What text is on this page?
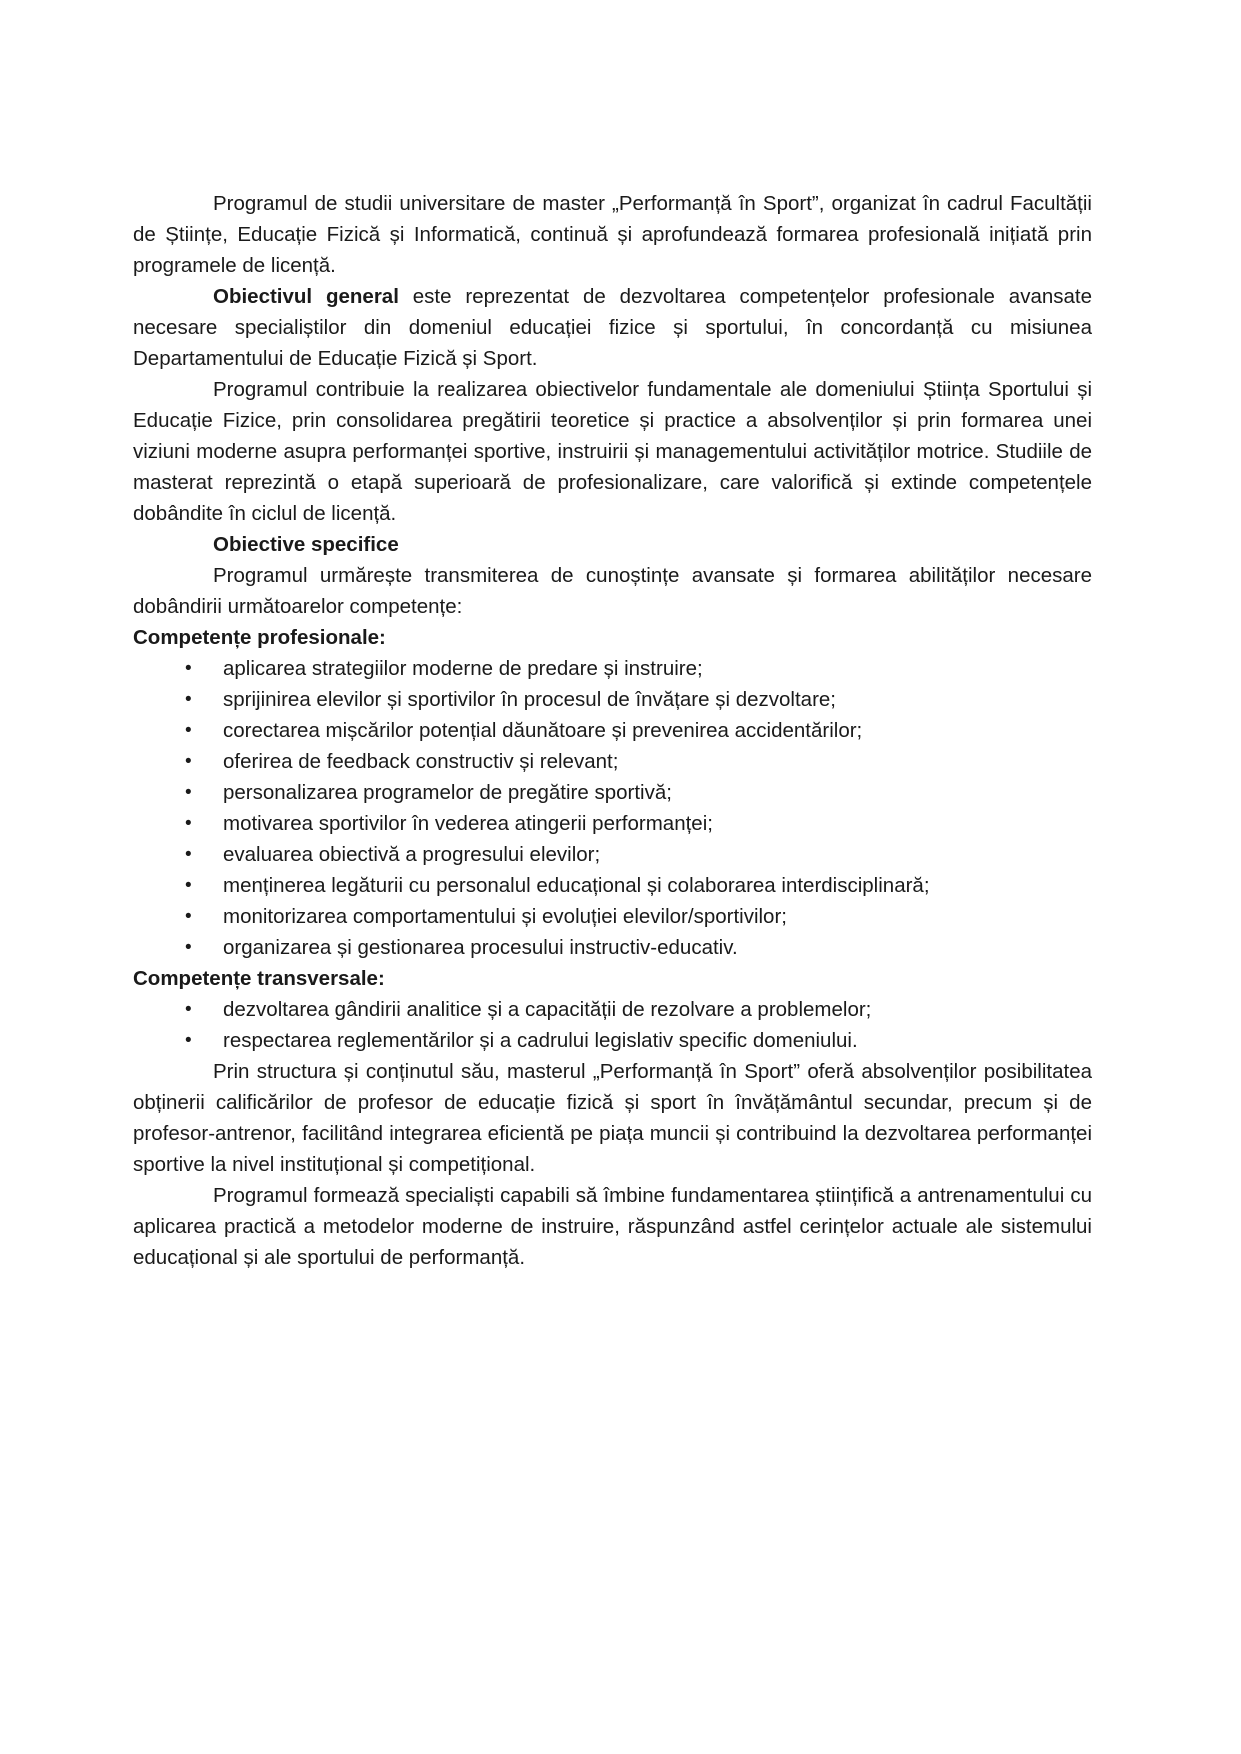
Programul de studii universitare de master „Performanță în Sport”, organizat în cadrul Facultății de Științe, Educație Fizică și Informatică, continuă și aprofundează formarea profesională inițiată prin programele de licență.

Obiectivul general este reprezentat de dezvoltarea competențelor profesionale avansate necesare specialiștilor din domeniul educației fizice și sportului, în concordanță cu misiunea Departamentului de Educație Fizică și Sport.

Programul contribuie la realizarea obiectivelor fundamentale ale domeniului Știința Sportului și Educație Fizice, prin consolidarea pregătirii teoretice și practice a absolvenților și prin formarea unei viziuni moderne asupra performanței sportive, instruirii și managementului activităților motrice. Studiile de masterat reprezintă o etapă superioară de profesionalizare, care valorifică și extinde competențele dobândite în ciclul de licență.

Obiective specifice

Programul urmărește transmiterea de cunoștințe avansate și formarea abilităților necesare dobândirii următoarelor competențe:

Competențe profesionale:

• aplicarea strategiilor moderne de predare și instruire;
• sprijinirea elevilor și sportivilor în procesul de învățare și dezvoltare;
• corectarea mișcărilor potențial dăunătoare și prevenirea accidentărilor;
• oferirea de feedback constructiv și relevant;
• personalizarea programelor de pregătire sportivă;
• motivarea sportivilor în vederea atingerii performanței;
• evaluarea obiectivă a progresului elevilor;
• menținerea legăturii cu personalul educațional și colaborarea interdisciplinară;
• monitorizarea comportamentului și evoluției elevilor/sportivilor;
• organizarea și gestionarea procesului instructiv-educativ.

Competențe transversale:

• dezvoltarea gândirii analitice și a capacității de rezolvare a problemelor;
• respectarea reglementărilor și a cadrului legislativ specific domeniului.

Prin structura și conținutul său, masterul „Performanță în Sport” oferă absolvenților posibilitatea obținerii calificărilor de profesor de educație fizică și sport în învățământul secundar, precum și de profesor-antrenor, facilitând integrarea eficientă pe piața muncii și contribuind la dezvoltarea performanței sportive la nivel instituțional și competițional.

Programul formează specialiști capabili să îmbine fundamentarea științifică a antrenamentului cu aplicarea practică a metodelor moderne de instruire, răspunzând astfel cerințelor actuale ale sistemului educațional și ale sportului de performanță.
